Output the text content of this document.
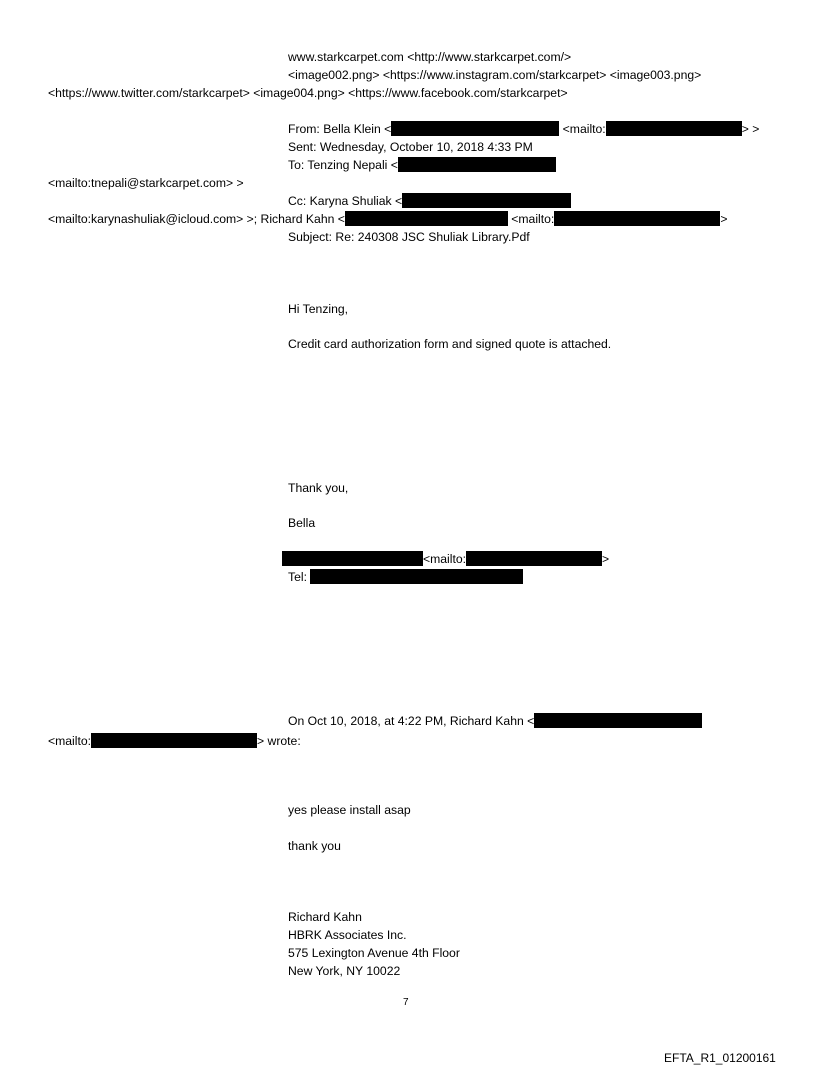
www.starkcarpet.com <http://www.starkcarpet.com/>
<image002.png> <https://www.instagram.com/starkcarpet> <image003.png>
<https://www.twitter.com/starkcarpet> <image004.png> <https://www.facebook.com/starkcarpet>
From: Bella Klein <	<mailto:	> >
Sent: Wednesday, October 10, 2018 4:33 PM
To: Tenzing Nepali <
<mailto:tnepali@starkcarpet.com> >
Cc: Karyna Shuliak <
<mailto:karynashuliak@icloud.com> >; Richard Kahn <	<mailto:	>
Subject: Re: 240308 JSC Shuliak Library.Pdf
Hi Tenzing,
Credit card authorization form and signed quote is attached.
Thank you,
Bella
<mailto:	>
Tel:
On Oct 10, 2018, at 4:22 PM, Richard Kahn <
<mailto:	> wrote:
yes please install asap
thank you
Richard Kahn
HBRK Associates Inc.
575 Lexington Avenue 4th Floor
New York, NY 10022
7
EFTA_R1_01200161
